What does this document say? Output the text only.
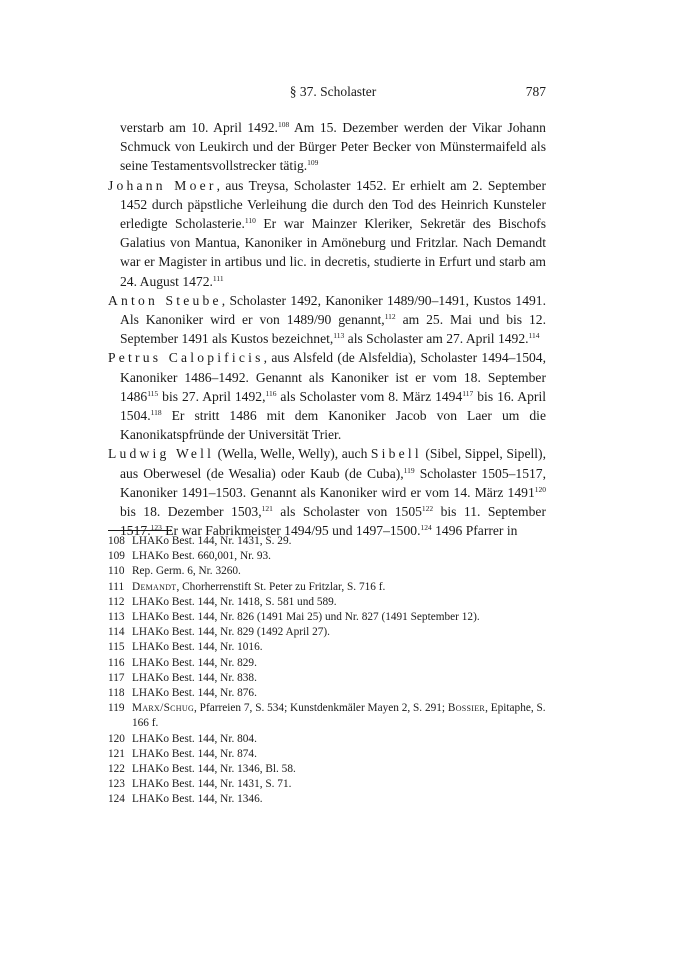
§ 37. Scholaster	787

verstarb am 10. April 1492.$^{108}$ Am 15. Dezember werden der Vikar Johann Schmuck von Leukirch und der Bürger Peter Becker von Münstermaifeld als seine Testamentsvollstrecker tätig.$^{109}$

Johann Moer, aus Treysa, Scholaster 1452. Er erhielt am 2. September 1452 durch päpstliche Verleihung die durch den Tod des Heinrich Kunsteler erledigte Scholasterie.$^{110}$ Er war Mainzer Kleriker, Sekretär des Bischofs Galatius von Mantua, Kanoniker in Amöneburg und Fritzlar. Nach Demandt war er Magister in artibus und lic. in decretis, studierte in Erfurt und starb am 24. August 1472.$^{111}$

Anton Steube, Scholaster 1492, Kanoniker 1489/90–1491, Kustos 1491. Als Kanoniker wird er von 1489/90 genannt,$^{112}$ am 25. Mai und bis 12. September 1491 als Kustos bezeichnet,$^{113}$ als Scholaster am 27. April 1492.$^{114}$

Petrus Calopificis, aus Alsfeld (de Alsfeldia), Scholaster 1494–1504, Kanoniker 1486–1492. Genannt als Kanoniker ist er vom 18. September 1486$^{115}$ bis 27. April 1492,$^{116}$ als Scholaster vom 8. März 1494$^{117}$ bis 16. April 1504.$^{118}$ Er stritt 1486 mit dem Kanoniker Jacob von Laer um die Kanonikatspfründe der Universität Trier.

Ludwig Well (Wella, Welle, Welly), auch Sibell (Sibel, Sippel, Sipell), aus Oberwesel (de Wesalia) oder Kaub (de Cuba),$^{119}$ Scholaster 1505–1517, Kanoniker 1491–1503. Genannt als Kanoniker wird er vom 14. März 1491$^{120}$ bis 18. Dezember 1503,$^{121}$ als Scholaster von 1505$^{122}$ bis 11. September 1517.$^{123}$ Er war Fabrikmeister 1494/95 und 1497–1500.$^{124}$ 1496 Pfarrer in

108 LHAKo Best. 144, Nr. 1431, S. 29.
109 LHAKo Best. 660,001, Nr. 93.
110 Rep. Germ. 6, Nr. 3260.
111 Demandt, Chorherrenstift St. Peter zu Fritzlar, S. 716 f.
112 LHAKo Best. 144, Nr. 1418, S. 581 und 589.
113 LHAKo Best. 144, Nr. 826 (1491 Mai 25) und Nr. 827 (1491 September 12).
114 LHAKo Best. 144, Nr. 829 (1492 April 27).
115 LHAKo Best. 144, Nr. 1016.
116 LHAKo Best. 144, Nr. 829.
117 LHAKo Best. 144, Nr. 838.
118 LHAKo Best. 144, Nr. 876.
119 Marx/Schug, Pfarreien 7, S. 534; Kunstdenkmäler Mayen 2, S. 291; Bossier, Epitaphe, S. 166 f.
120 LHAKo Best. 144, Nr. 804.
121 LHAKo Best. 144, Nr. 874.
122 LHAKo Best. 144, Nr. 1346, Bl. 58.
123 LHAKo Best. 144, Nr. 1431, S. 71.
124 LHAKo Best. 144, Nr. 1346.
